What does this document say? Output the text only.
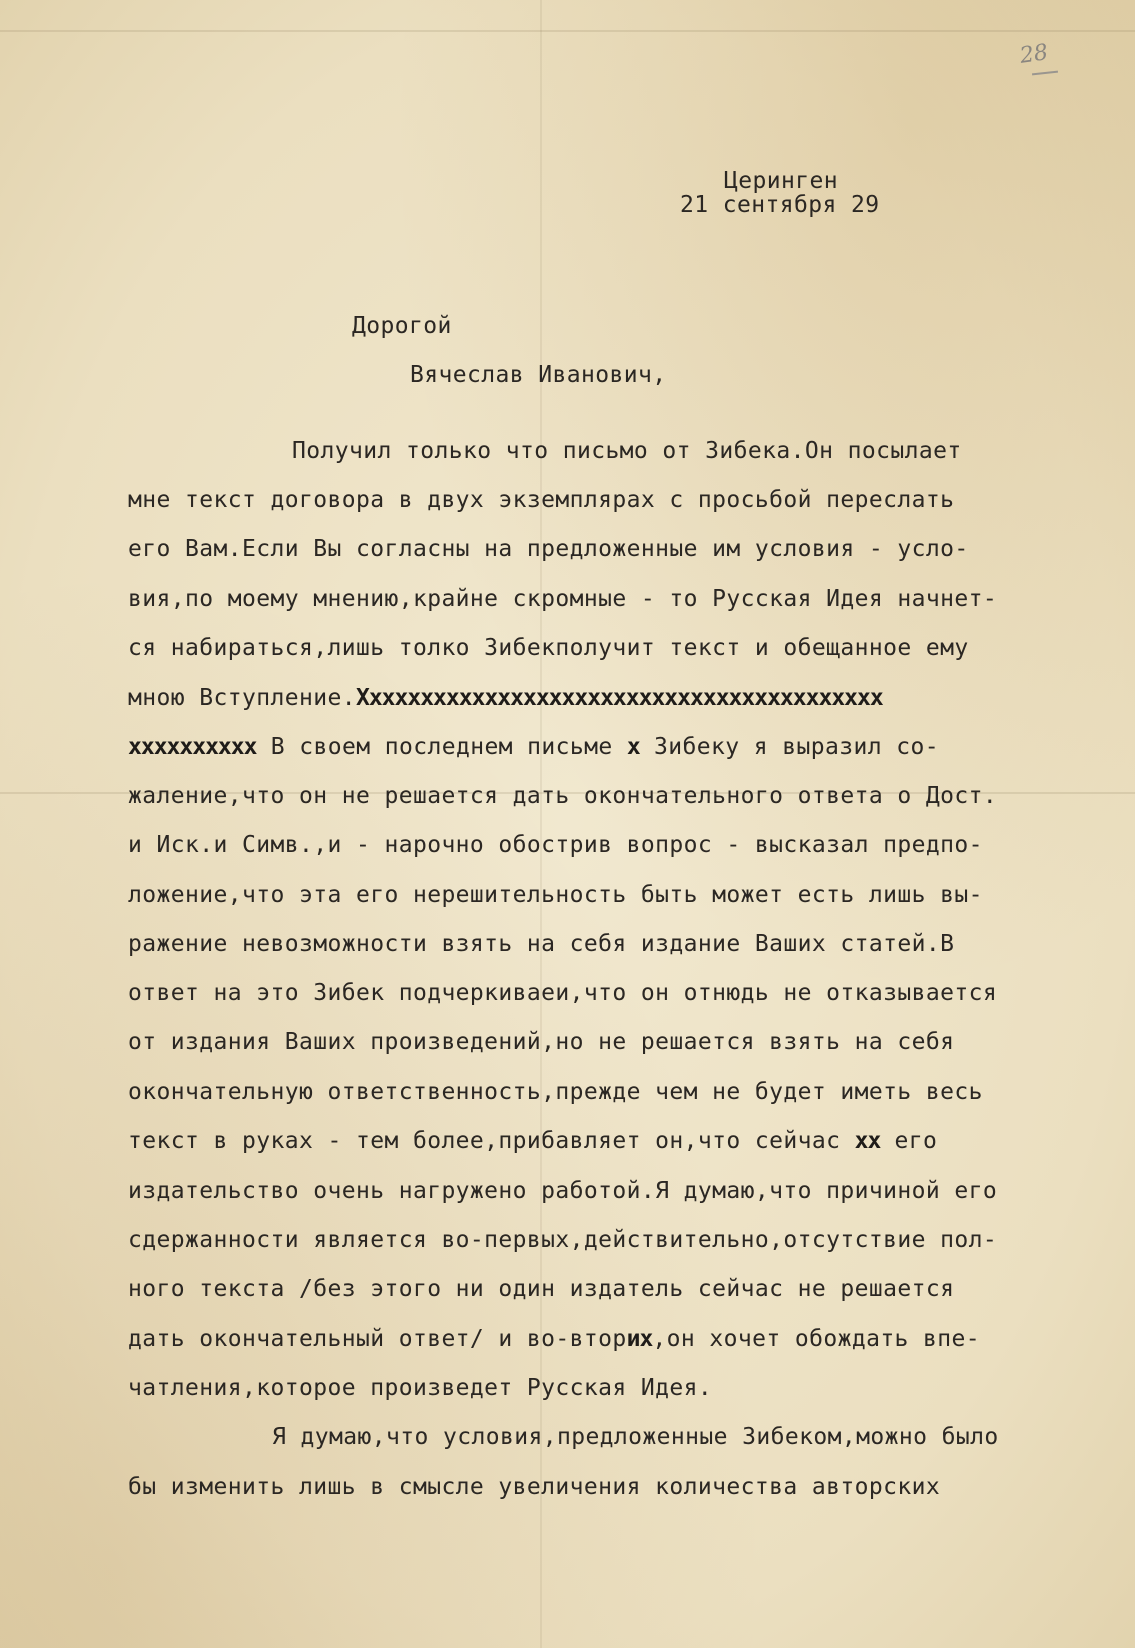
28
Церинген
21 сентября 29
Дорогой
Вячеслав Иванович,
Получил только что письмо от Зибека.Он посылает
мне текст договора в двух экземплярах с просьбой переслать
его Вам.Если Вы согласны на предложенные им условия - усло-
вия,по моему мнению,крайне скромные - то Русская Идея начнет-
ся набираться,лишь толко Зибекполучит текст и обещанное ему
мною Вступление.Xxxxxxxxxxxxxxxxxxxxxxxxxxxxxxxxxxxxxxxxx
xxxxxxxxxx В своем последнем письме x Зибеку я выразил со-
жаление,что он не решается дать окончательного ответа о Дост.
и Иск.и Симв.,и - нарочно обострив вопрос - высказал предпо-
ложение,что эта его нерешительность быть может есть лишь вы-
ражение невозможности взять на себя издание Ваших статей.В
ответ на это Зибек подчеркиваеи,что он отнюдь не отказывается
от издания Ваших произведений,но не решается взять на себя
окончательную ответственность,прежде чем не будет иметь весь
текст в руках - тем более,прибавляет он,что сейчас xx его
издательство очень нагружено работой.Я думаю,что причиной его
сдержанности является во-первых,действительно,отсутствие пол-
ного текста /без этого ни один издатель сейчас не решается
дать окончательный ответ/ и во-вторих,он хочет обождать впе-
чатления,которое произведет Русская Идея.
Я думаю,что условия,предложенные Зибеком,можно было
бы изменить лишь в смысле увеличения количества авторских
